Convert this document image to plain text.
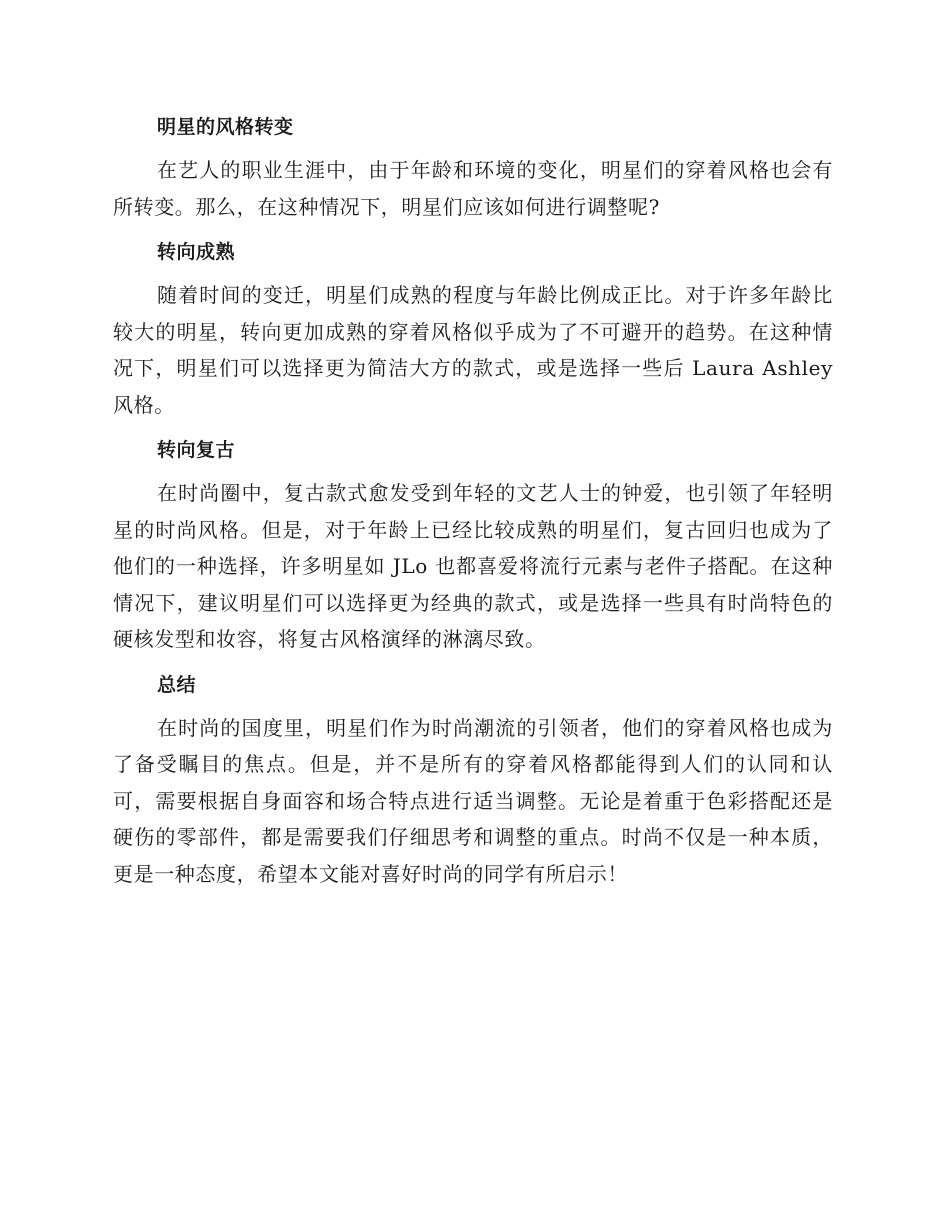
明星的风格转变

在艺人的职业生涯中，由于年龄和环境的变化，明星们的穿着风格也会有所转变。那么，在这种情况下，明星们应该如何进行调整呢?

转向成熟

随着时间的变迁，明星们成熟的程度与年龄比例成正比。对于许多年龄比较大的明星，转向更加成熟的穿着风格似乎成为了不可避开的趋势。在这种情况下，明星们可以选择更为简洁大方的款式，或是选择一些后 Laura Ashley 风格。

转向复古

在时尚圈中，复古款式愈发受到年轻的文艺人士的钟爱，也引领了年轻明星的时尚风格。但是，对于年龄上已经比较成熟的明星们，复古回归也成为了他们的一种选择，许多明星如 JLo 也都喜爱将流行元素与老件子搭配。在这种情况下，建议明星们可以选择更为经典的款式，或是选择一些具有时尚特色的硬核发型和妆容，将复古风格演绎的淋漓尽致。

总结

在时尚的国度里，明星们作为时尚潮流的引领者，他们的穿着风格也成为了备受瞩目的焦点。但是，并不是所有的穿着风格都能得到人们的认同和认可，需要根据自身面容和场合特点进行适当调整。无论是着重于色彩搭配还是硬伤的零部件，都是需要我们仔细思考和调整的重点。时尚不仅是一种本质，更是一种态度，希望本文能对喜好时尚的同学有所启示！
